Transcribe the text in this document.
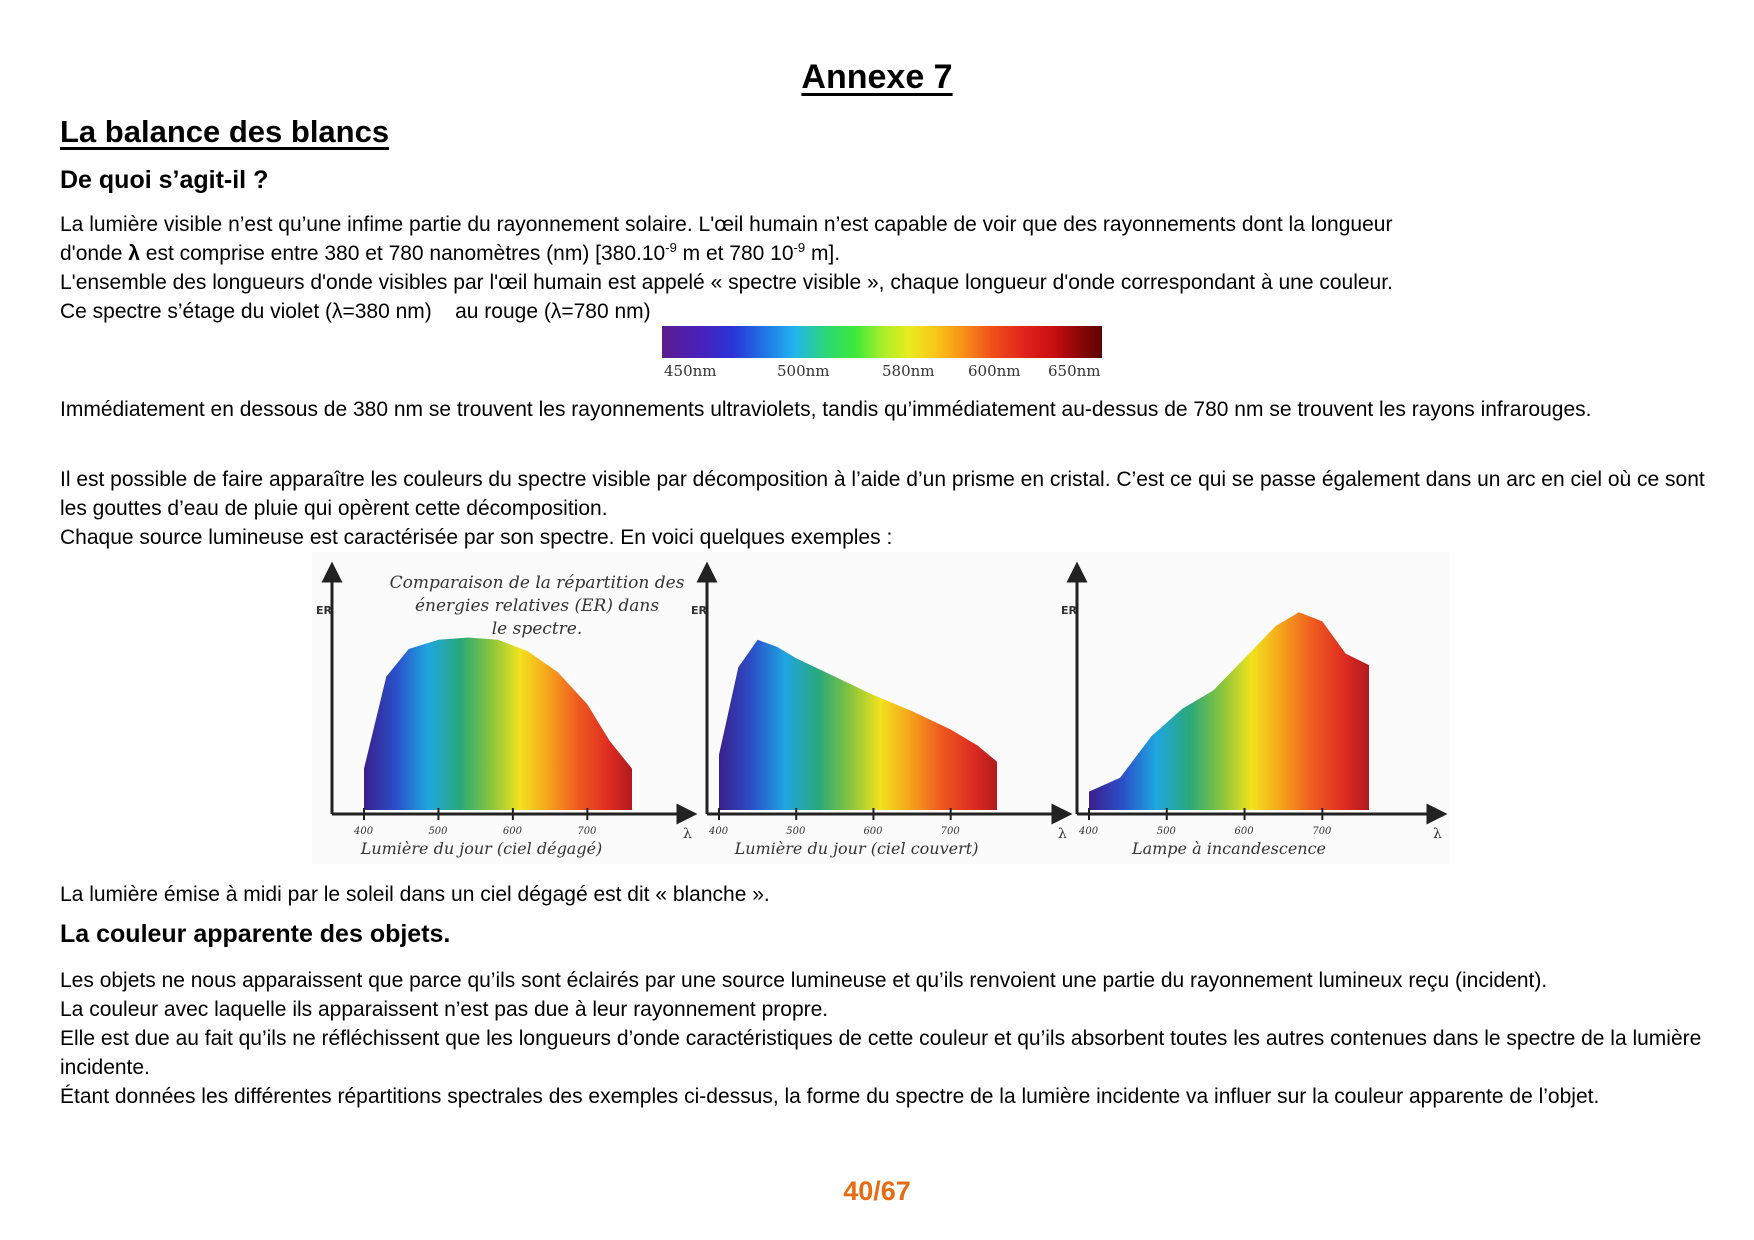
Annexe 7
La balance des blancs
De quoi s’agit-il ?
La lumière visible n’est qu’une infime partie du rayonnement solaire. L'œil humain n’est capable de voir que des rayonnements dont la longueur
d'onde λ est comprise entre 380 et 780 nanomètres (nm) [$380.10^{-9}$ m et 780 $10^{-9}$ m].
L'ensemble des longueurs d'onde visibles par l'œil humain est appelé « spectre visible », chaque longueur d'onde correspondant à une couleur.
Ce spectre s’étage du violet (λ=380 nm)    au rouge (λ=780 nm)
450nm	500nm	580nm 600nm 650nm

Immédiatement en dessous de 380 nm se trouvent les rayonnements ultraviolets, tandis qu’immédiatement au-dessus de 780 nm se trouvent les rayons infrarouges.

Il est possible de faire apparaître les couleurs du spectre visible par décomposition à l’aide d’un prisme en cristal. C’est ce qui se passe également dans un arc en ciel où ce sont les gouttes d’eau de pluie qui opèrent cette décomposition.
Chaque source lumineuse est caractérisée par son spectre. En voici quelques exemples :
ER
λ
400	500	600	700
Lumière du jour (ciel dégagé)
Comparaison de la répartition des
énergies relatives (ER) dans
le spectre.
ER
λ
400	500	600	700
Lumière du jour (ciel couvert)
ER
λ
400	500	600	700
Lampe à incandescence

La lumière émise à midi par le soleil dans un ciel dégagé est dit « blanche ».

La couleur apparente des objets.
Les objets ne nous apparaissent que parce qu’ils sont éclairés par une source lumineuse et qu’ils renvoient une partie du rayonnement lumineux reçu (incident).
La couleur avec laquelle ils apparaissent n’est pas due à leur rayonnement propre.
Elle est due au fait qu’ils ne réfléchissent que les longueurs d’onde caractéristiques de cette couleur et qu’ils absorbent toutes les autres contenues dans le spectre de la lumière incidente.
Étant données les différentes répartitions spectrales des exemples ci-dessus, la forme du spectre de la lumière incidente va influer sur la couleur apparente de l’objet.
40/67
